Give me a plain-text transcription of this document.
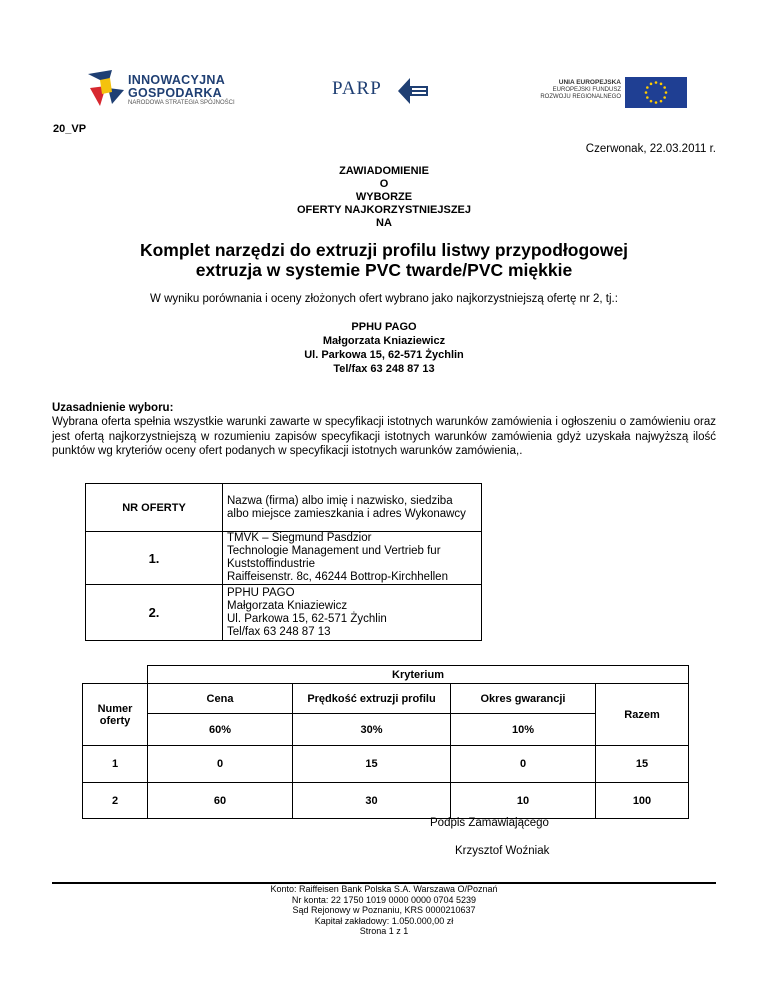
INNOWACYJNA
GOSPODARKA
NARODOWA STRATEGIA SPÓJNOŚCI
PARP	UNIA EUROPEJSKA
EUROPEJSKI FUNDUSZ
ROZWOJU REGIONALNEGO
20_VP
Czerwonak, 22.03.2011 r.
ZAWIADOMIENIE
O
WYBORZE
OFERTY NAJKORZYSTNIEJSZEJ
NA
Komplet narzędzi do extruzji profilu listwy przypodłogowej
extruzja w systemie PVC twarde/PVC miękkie
W wyniku porównania i oceny złożonych ofert wybrano jako najkorzystniejszą ofertę nr 2, tj.:
PPHU PAGO
Małgorzata Kniaziewicz
Ul. Parkowa 15, 62-571 Żychlin
Tel/fax 63 248 87 13
Uzasadnienie wyboru:
Wybrana oferta spełnia wszystkie warunki zawarte w specyfikacji istotnych warunków zamówienia i ogłoszeniu o zamówieniu oraz jest ofertą najkorzystniejszą w rozumieniu zapisów specyfikacji istotnych warunków zamówienia gdyż uzyskała najwyższą ilość punktów wg kryteriów oceny ofert podanych w specyfikacji istotnych warunków zamówienia,.
NR OFERTY	Nazwa (firma) albo imię i nazwisko, siedziba albo miejsce zamieszkania i adres Wykonawcy
1.	TMVK – Siegmund Pasdzior
Technologie Management und Vertrieb fur Kuststoffindustrie
Raiffeisenstr. 8c, 46244 Bottrop-Kirchhellen

2.	PPHU PAGO
Małgorzata Kniaziewicz
Ul. Parkowa 15, 62-571 Żychlin
Tel/fax 63 248 87 13
	Kryterium			
Numer oferty	Cena	Prędkość extruzji profilu	Okres gwarancji	Razem
	60%	30%	10%	
1	0	15	0	15
2	60	30	10	100
Podpis Zamawiającego
Krzysztof Woźniak
Konto: Raiffeisen Bank Polska S.A. Warszawa O/Poznań
Nr konta: 22 1750 1019 0000 0000 0704 5239
Sąd Rejonowy w Poznaniu, KRS 0000210637
Kapitał zakładowy: 1.050.000,00 zł
Strona 1 z 1
